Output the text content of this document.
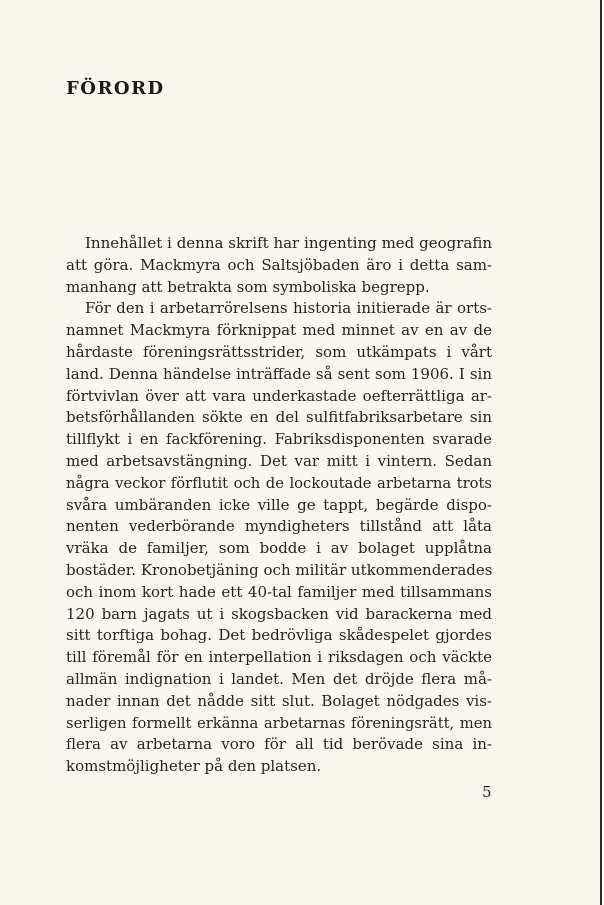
FÖRORD
Innehållet i denna skrift har ingenting med geografin
att göra. Mackmyra och Saltsjöbaden äro i detta sam-
manhang att betrakta som symboliska begrepp.
För den i arbetarrörelsens historia initierade är orts-
namnet Mackmyra förknippat med minnet av en av de
hårdaste föreningsrättsstrider, som utkämpats i vårt
land. Denna händelse inträffade så sent som 1906. I sin
förtvivlan över att vara underkastade oefterrättliga ar-
betsförhållanden sökte en del sulfitfabriksarbetare sin
tillflykt i en fackförening. Fabriksdisponenten svarade
med arbetsavstängning. Det var mitt i vintern. Sedan
några veckor förflutit och de lockoutade arbetarna trots
svåra umbäranden icke ville ge tappt, begärde dispo-
nenten vederbörande myndigheters tillstånd att låta
vräka de familjer, som bodde i av bolaget upplåtna
bostäder. Kronobetjäning och militär utkommenderades
och inom kort hade ett 40-tal familjer med tillsammans
120 barn jagats ut i skogsbacken vid barackerna med
sitt torftiga bohag. Det bedrövliga skådespelet gjordes
till föremål för en interpellation i riksdagen och väckte
allmän indignation i landet. Men det dröjde flera må-
nader innan det nådde sitt slut. Bolaget nödgades vis-
serligen formellt erkänna arbetarnas föreningsrätt, men
flera av arbetarna voro för all tid berövade sina in-
komstmöjligheter på den platsen.
5
